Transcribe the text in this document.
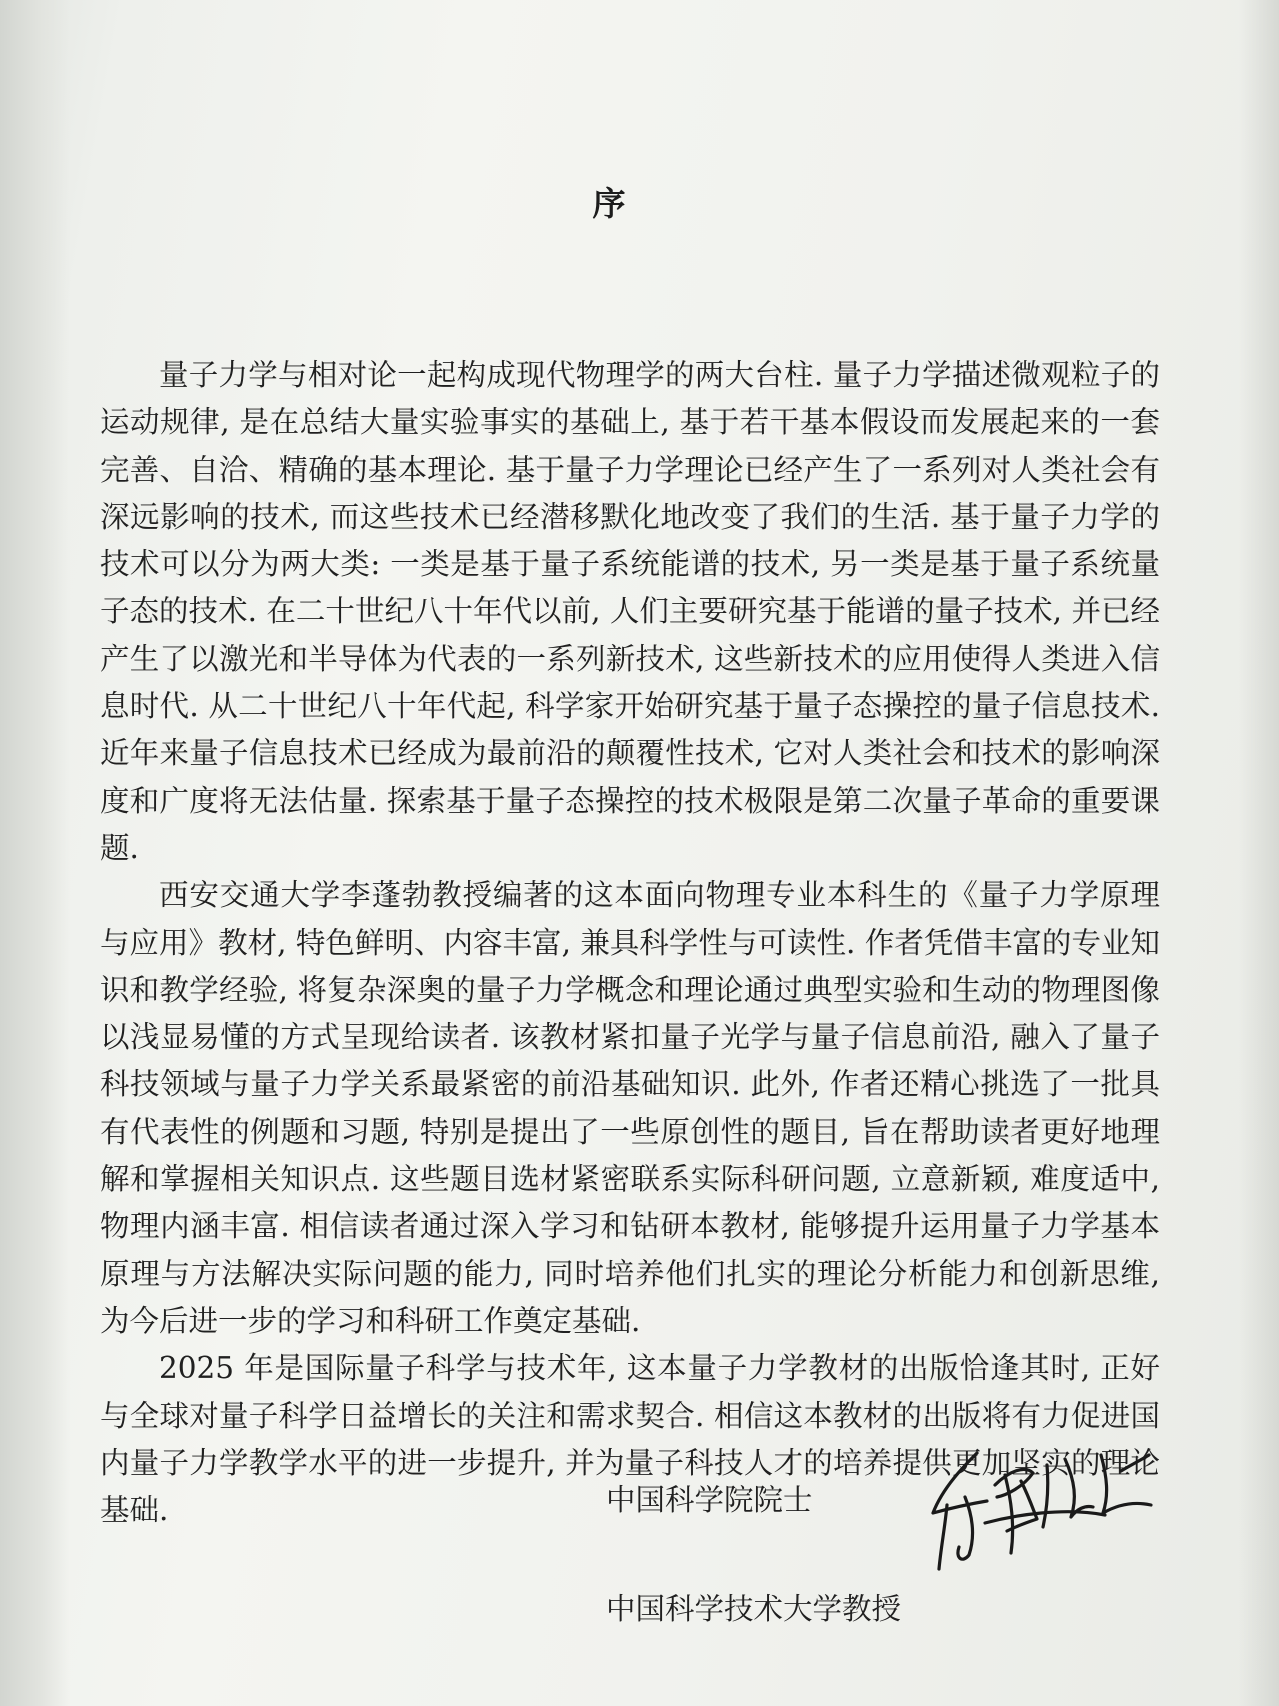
序

量子力学与相对论一起构成现代物理学的两大台柱. 量子力学描述微观粒子的运动规律, 是在总结大量实验事实的基础上, 基于若干基本假设而发展起来的一套完善、自洽、精确的基本理论. 基于量子力学理论已经产生了一系列对人类社会有深远影响的技术, 而这些技术已经潜移默化地改变了我们的生活. 基于量子力学的技术可以分为两大类: 一类是基于量子系统能谱的技术, 另一类是基于量子系统量子态的技术. 在二十世纪八十年代以前, 人们主要研究基于能谱的量子技术, 并已经产生了以激光和半导体为代表的一系列新技术, 这些新技术的应用使得人类进入信息时代. 从二十世纪八十年代起, 科学家开始研究基于量子态操控的量子信息技术. 近年来量子信息技术已经成为最前沿的颠覆性技术, 它对人类社会和技术的影响深度和广度将无法估量. 探索基于量子态操控的技术极限是第二次量子革命的重要课题.

西安交通大学李蓬勃教授编著的这本面向物理专业本科生的《量子力学原理与应用》教材, 特色鲜明、内容丰富, 兼具科学性与可读性. 作者凭借丰富的专业知识和教学经验, 将复杂深奥的量子力学概念和理论通过典型实验和生动的物理图像以浅显易懂的方式呈现给读者. 该教材紧扣量子光学与量子信息前沿, 融入了量子科技领域与量子力学关系最紧密的前沿基础知识. 此外, 作者还精心挑选了一批具有代表性的例题和习题, 特别是提出了一些原创性的题目, 旨在帮助读者更好地理解和掌握相关知识点. 这些题目选材紧密联系实际科研问题, 立意新颖, 难度适中, 物理内涵丰富. 相信读者通过深入学习和钻研本教材, 能够提升运用量子力学基本原理与方法解决实际问题的能力, 同时培养他们扎实的理论分析能力和创新思维, 为今后进一步的学习和科研工作奠定基础.

2025 年是国际量子科学与技术年, 这本量子力学教材的出版恰逢其时, 正好与全球对量子科学日益增长的关注和需求契合. 相信这本教材的出版将有力促进国内量子力学教学水平的进一步提升, 并为量子科技人才的培养提供更加坚实的理论基础.	中国科学院院士
中国科学技术大学教授
